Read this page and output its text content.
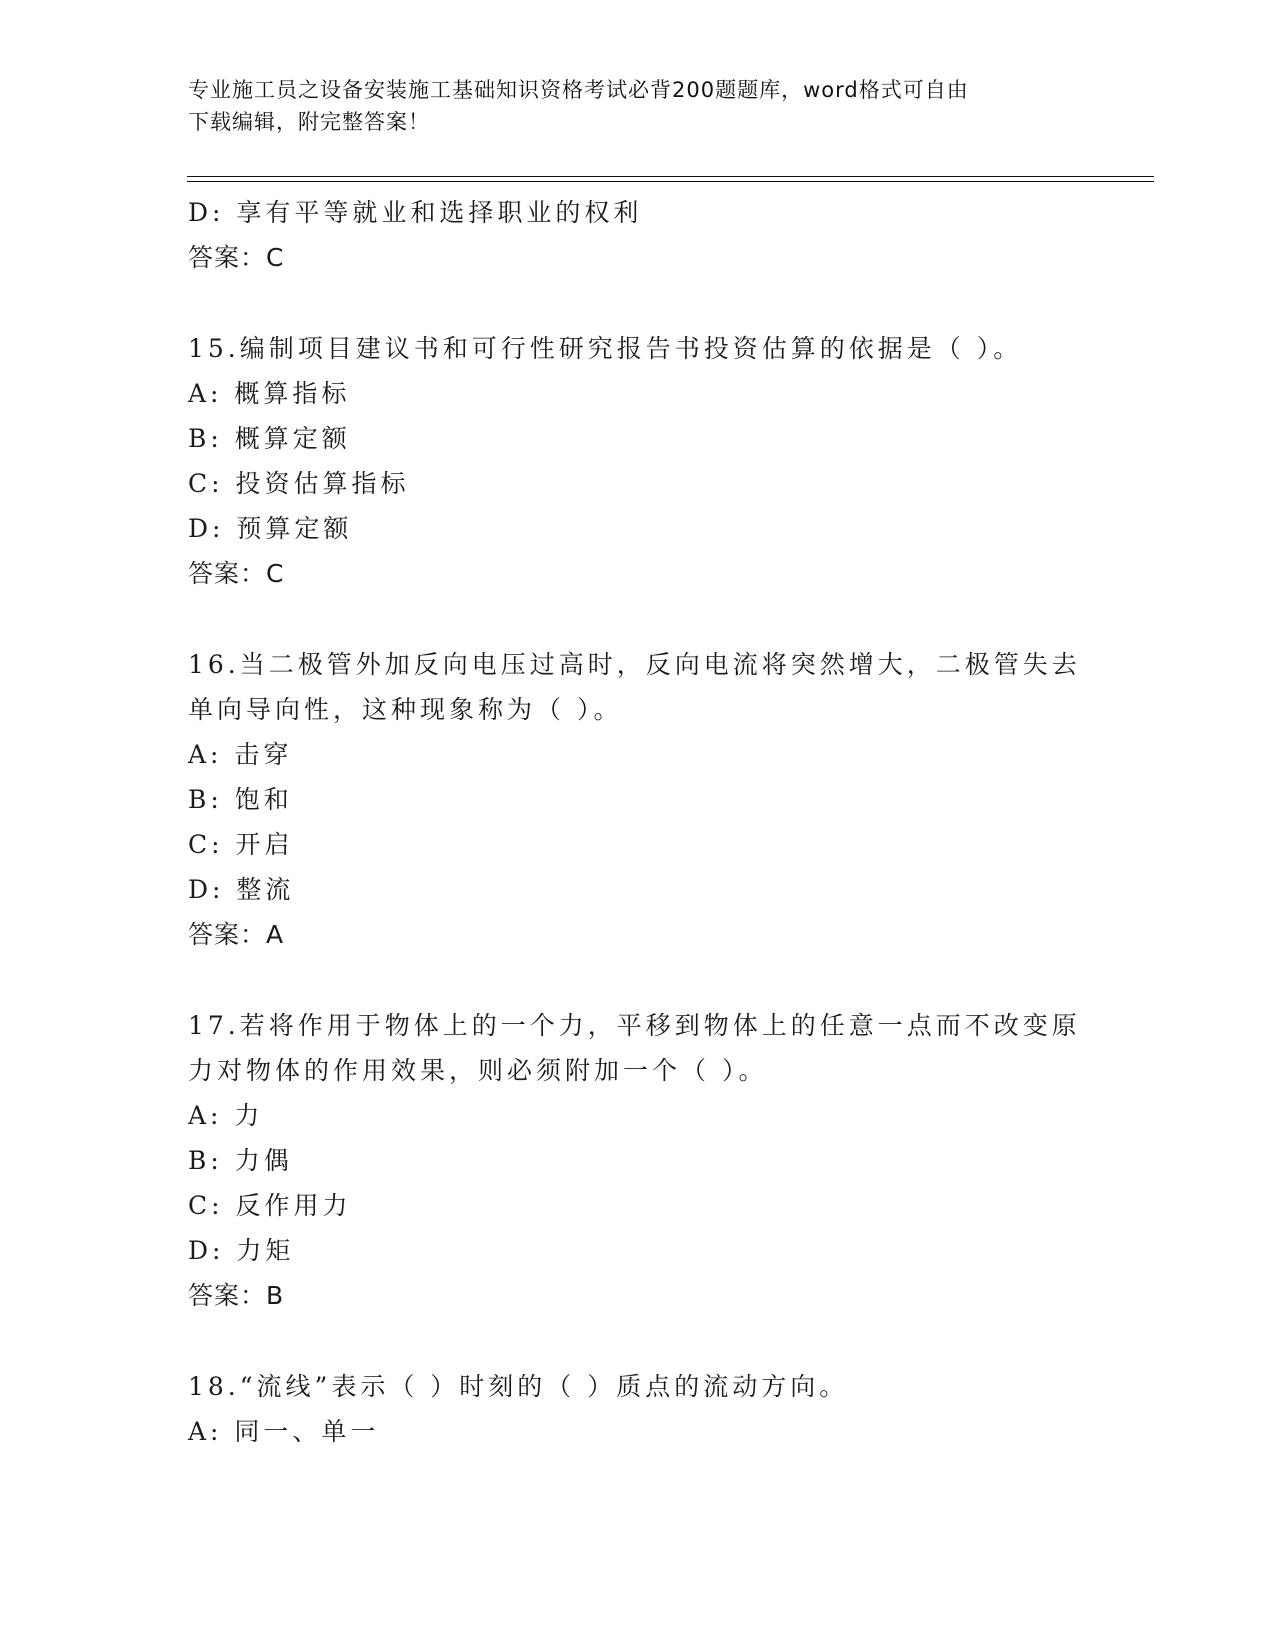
专业施工员之设备安装施工基础知识资格考试必背200题题库，word格式可自由
下载编辑，附完整答案！
D: 享有平等就业和选择职业的权利
答案：C
15.编制项目建议书和可行性研究报告书投资估算的依据是（ ）。
A: 概算指标
B: 概算定额
C: 投资估算指标
D: 预算定额
答案：C
16.当二极管外加反向电压过高时，反向电流将突然增大，二极管失去
单向导向性，这种现象称为（ ）。
A: 击穿
B: 饱和
C: 开启
D: 整流
答案：A
17.若将作用于物体上的一个力，平移到物体上的任意一点而不改变原
力对物体的作用效果，则必须附加一个（ ）。
A: 力
B: 力偶
C: 反作用力
D: 力矩
答案：B
18.“流线”表示（ ）时刻的（ ）质点的流动方向。
A: 同一、单一
